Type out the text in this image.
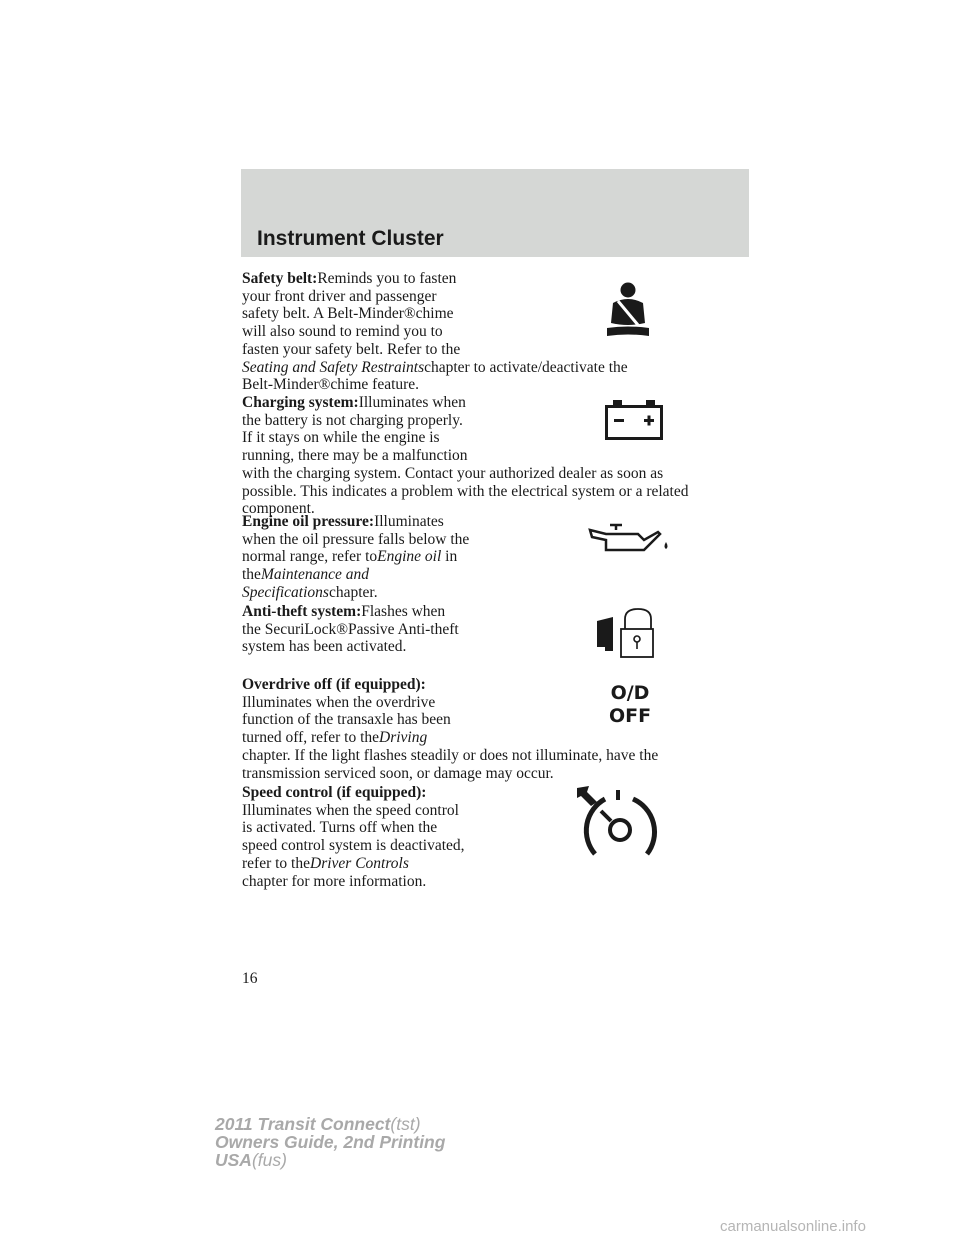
Instrument Cluster
Safety belt:Reminds you to fasten
your front driver and passenger
safety belt. A Belt-Minder®chime
will also sound to remind you to
fasten your safety belt. Refer to the
Seating and Safety Restraintschapter to activate/deactivate the
Belt-Minder®chime feature.
Charging system:Illuminates when
the battery is not charging properly.
If it stays on while the engine is
running, there may be a malfunction
with the charging system. Contact your authorized dealer as soon as
possible. This indicates a problem with the electrical system or a related
component.
Engine oil pressure:Illuminates
when the oil pressure falls below the
normal range, refer toEngine oil in
theMaintenance and
Specificationschapter.
Anti-theft system:Flashes when
the SecuriLock®Passive Anti-theft
system has been activated.
Overdrive off (if equipped):
Illuminates when the overdrive
function of the transaxle has been
turned off, refer to theDriving
chapter. If the light flashes steadily or does not illuminate, have the
transmission serviced soon, or damage may occur.
O/D
OFF
Speed control (if equipped):
Illuminates when the speed control
is activated. Turns off when the
speed control system is deactivated,
refer to theDriver Controls
chapter for more information.
16
2011 Transit Connect(tst)
Owners Guide, 2nd Printing
USA(fus)
carmanualsonline.info
